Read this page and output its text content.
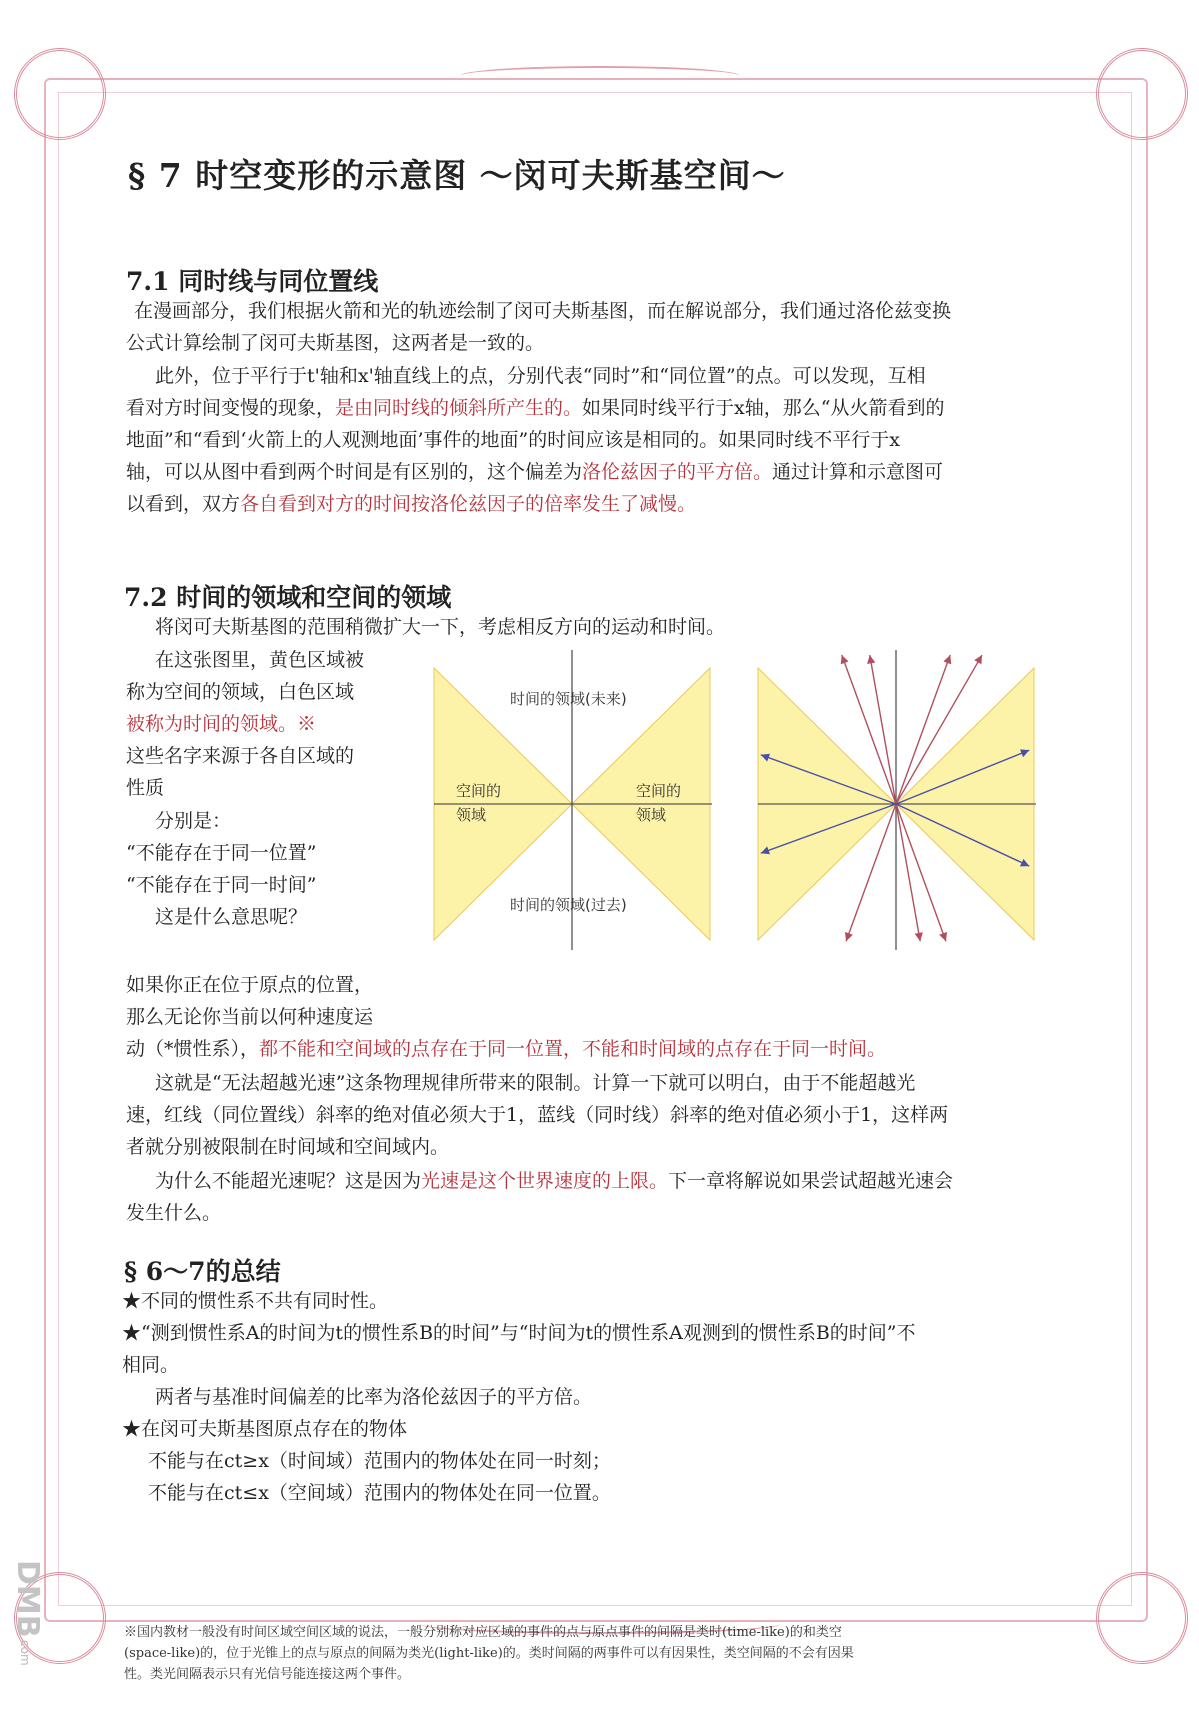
§ 7 时空变形的示意图 ～闵可夫斯基空间～
7.1 同时线与同位置线
在漫画部分，我们根据火箭和光的轨迹绘制了闵可夫斯基图，而在解说部分，我们通过洛伦兹变换
公式计算绘制了闵可夫斯基图，这两者是一致的。
此外，位于平行于t'轴和x'轴直线上的点，分别代表“同时”和“同位置”的点。可以发现，互相
看对方时间变慢的现象，是由同时线的倾斜所产生的。如果同时线平行于x轴，那么“从火箭看到的
地面”和“看到‘火箭上的人观测地面’事件的地面”的时间应该是相同的。如果同时线不平行于x
轴，可以从图中看到两个时间是有区别的，这个偏差为洛伦兹因子的平方倍。通过计算和示意图可
以看到，双方各自看到对方的时间按洛伦兹因子的倍率发生了减慢。
7.2 时间的领域和空间的领域
将闵可夫斯基图的范围稍微扩大一下，考虑相反方向的运动和时间。
在这张图里，黄色区域被
称为空间的领域，白色区域
被称为时间的领域。※
这些名字来源于各自区域的
性质
分别是：
“不能存在于同一位置”
“不能存在于同一时间”
这是什么意思呢？
如果你正在位于原点的位置，
那么无论你当前以何种速度运
动（*惯性系），都不能和空间域的点存在于同一位置，不能和时间域的点存在于同一时间。
这就是“无法超越光速”这条物理规律所带来的限制。计算一下就可以明白，由于不能超越光
速，红线（同位置线）斜率的绝对值必须大于1，蓝线（同时线）斜率的绝对值必须小于1，这样两
者就分别被限制在时间域和空间域内。
为什么不能超光速呢？这是因为光速是这个世界速度的上限。下一章将解说如果尝试超越光速会
发生什么。
时间的领域(未来)
时间的领域(过去)
空间的
领域
空间的
领域
§ 6～7的总结
★不同的惯性系不共有同时性。
★“测到惯性系A的时间为t的惯性系B的时间”与“时间为t的惯性系A观测到的惯性系B的时间”不
相同。
两者与基准时间偏差的比率为洛伦兹因子的平方倍。
★在闵可夫斯基图原点存在的物体
不能与在ct≥x（时间域）范围内的物体处在同一时刻；
不能与在ct≤x（空间域）范围内的物体处在同一位置。
※国内教材一般没有时间区域空间区域的说法，一般分别称对应区域的事件的点与原点事件的间隔是类时(time-like)的和类空
(space-like)的，位于光锥上的点与原点的间隔为类光(light-like)的。类时间隔的两事件可以有因果性，类空间隔的不会有因果
性。类光间隔表示只有光信号能连接这两个事件。
DMB
com
